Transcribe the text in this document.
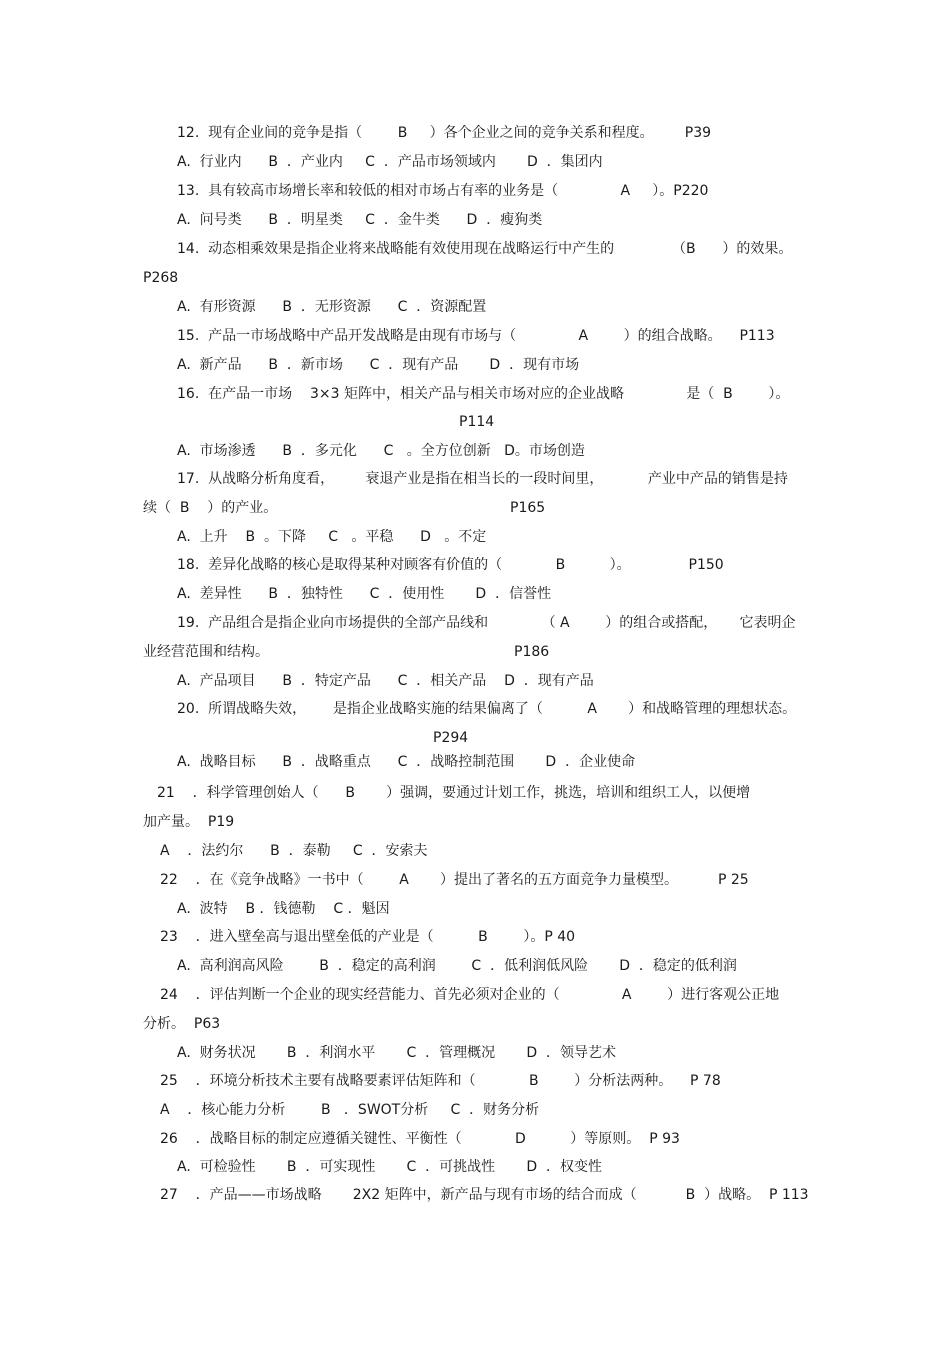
12.  现有企业间的竞争是指（        B     ）各个企业之间的竞争关系和程度。       P39
A.  行业内      B  ．产业内     C  ．产品市场领域内       D  ．集团内
13.  具有较高市场增长率和较低的相对市场占有率的业务是（              A     ）。P220
A.  问号类      B  ．明星类     C  ．金牛类      D  ．瘦狗类
14.  动态相乘效果是指企业将来战略能有效使用现在战略运行中产生的             （B      ）的效果。
P268
A.  有形资源      B  ．无形资源      C  ．资源配置
15.  产品一市场战略中产品开发战略是由现有市场与（              A        ）的组合战略。    P113
A.  新产品      B  ．新市场      C  ．现有产品       D  ．现有市场
16.  在产品一市场    3×3 矩阵中，相关产品与相关市场对应的企业战略              是（  B        ）。
P114
A.  市场渗透      B  ．多元化      C   。全方位创新   D。市场创造
17.  从战略分析角度看，       衰退产业是指在相当长的一段时间里，          产业中产品的销售是持
续（  B    ）的产业。	P165
A.  上升    B  。下降     C   。平稳      D   。不定
18.  差异化战略的核心是取得某种对顾客有价值的（            B          ）。             P150
A.  差异性      B  ．独特性      C  ．使用性       D  ．信誉性
19.  产品组合是指企业向市场提供的全部产品线和            （ A        ）的组合或搭配，     它表明企
业经营范围和结构。	P186
A.  产品项目      B  ．特定产品      C  ．相关产品    D  ．现有产品
20.  所谓战略失效，      是指企业战略实施的结果偏离了（          A       ）和战略管理的理想状态。
P294
A.  战略目标      B  ．战略重点      C  ．战略控制范围       D  ．企业使命
21    ．科学管理创始人（      B       ）强调，要通过计划工作，挑选，培训和组织工人，以便增
加产量。  P19
A    ．法约尔      B  ．泰勒     C  ．安索夫
22    ．在《竞争战略》一书中（        A       ）提出了著名的五方面竞争力量模型。         P 25
A.  波特    B ．钱德勒    C ．魁因
23    ．进入壁垒高与退出壁垒低的产业是（          B        ）。P 40
A.  高利润高风险        B  ．稳定的高利润        C  ．低利润低风险       D  ．稳定的低利润
24    ．评估判断一个企业的现实经营能力、首先必须对企业的（              A        ）进行客观公正地
分析。  P63
A.  财务状况       B  ．利润水平       C  ．管理概况       D  ．领导艺术
25    ．环境分析技术主要有战略要素评估矩阵和（            B        ）分析法两种。    P 78
A    ．核心能力分析        B   ．SWOT分析     C  ．财务分析
26    ．战略目标的制定应遵循关键性、平衡性（            D          ）等原则。  P 93
A.  可检验性       B  ．可实现性       C  ．可挑战性       D  ．权变性
27    ．产品——市场战略       2X2 矩阵中，新产品与现有市场的结合而成（           B  ）战略。  P 113
